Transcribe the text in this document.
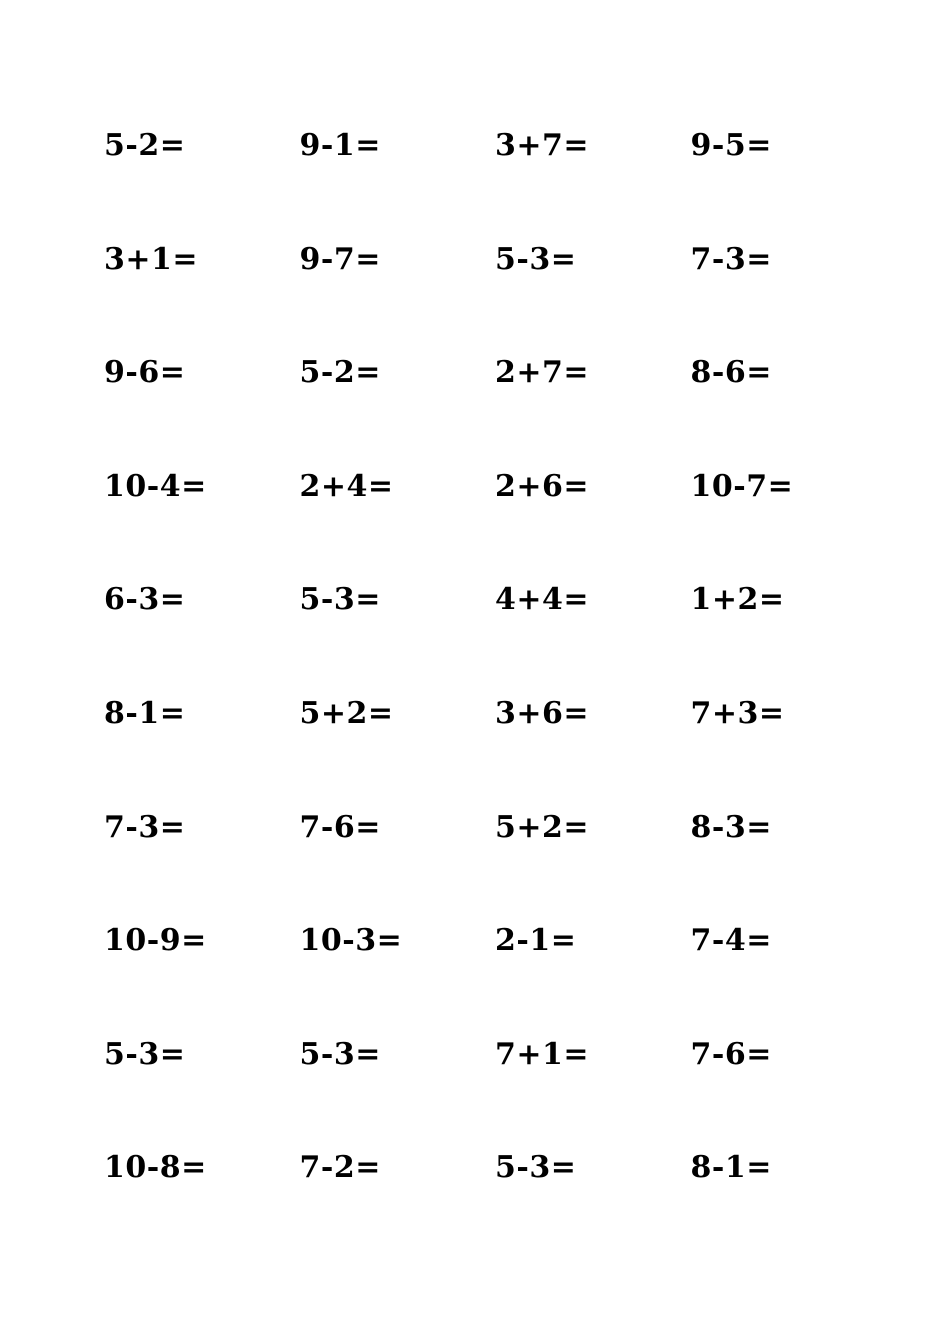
5-2=	9-1=	3+7=	9-5=
3+1=	9-7=	5-3=	7-3=
9-6=	5-2=	2+7=	8-6=
10-4=	2+4=	2+6=	10-7=
6-3=	5-3=	4+4=	1+2=
8-1=	5+2=	3+6=	7+3=
7-3=	7-6=	5+2=	8-3=
10-9=	10-3=	2-1=	7-4=
5-3=	5-3=	7+1=	7-6=
10-8=	7-2=	5-3=	8-1=
